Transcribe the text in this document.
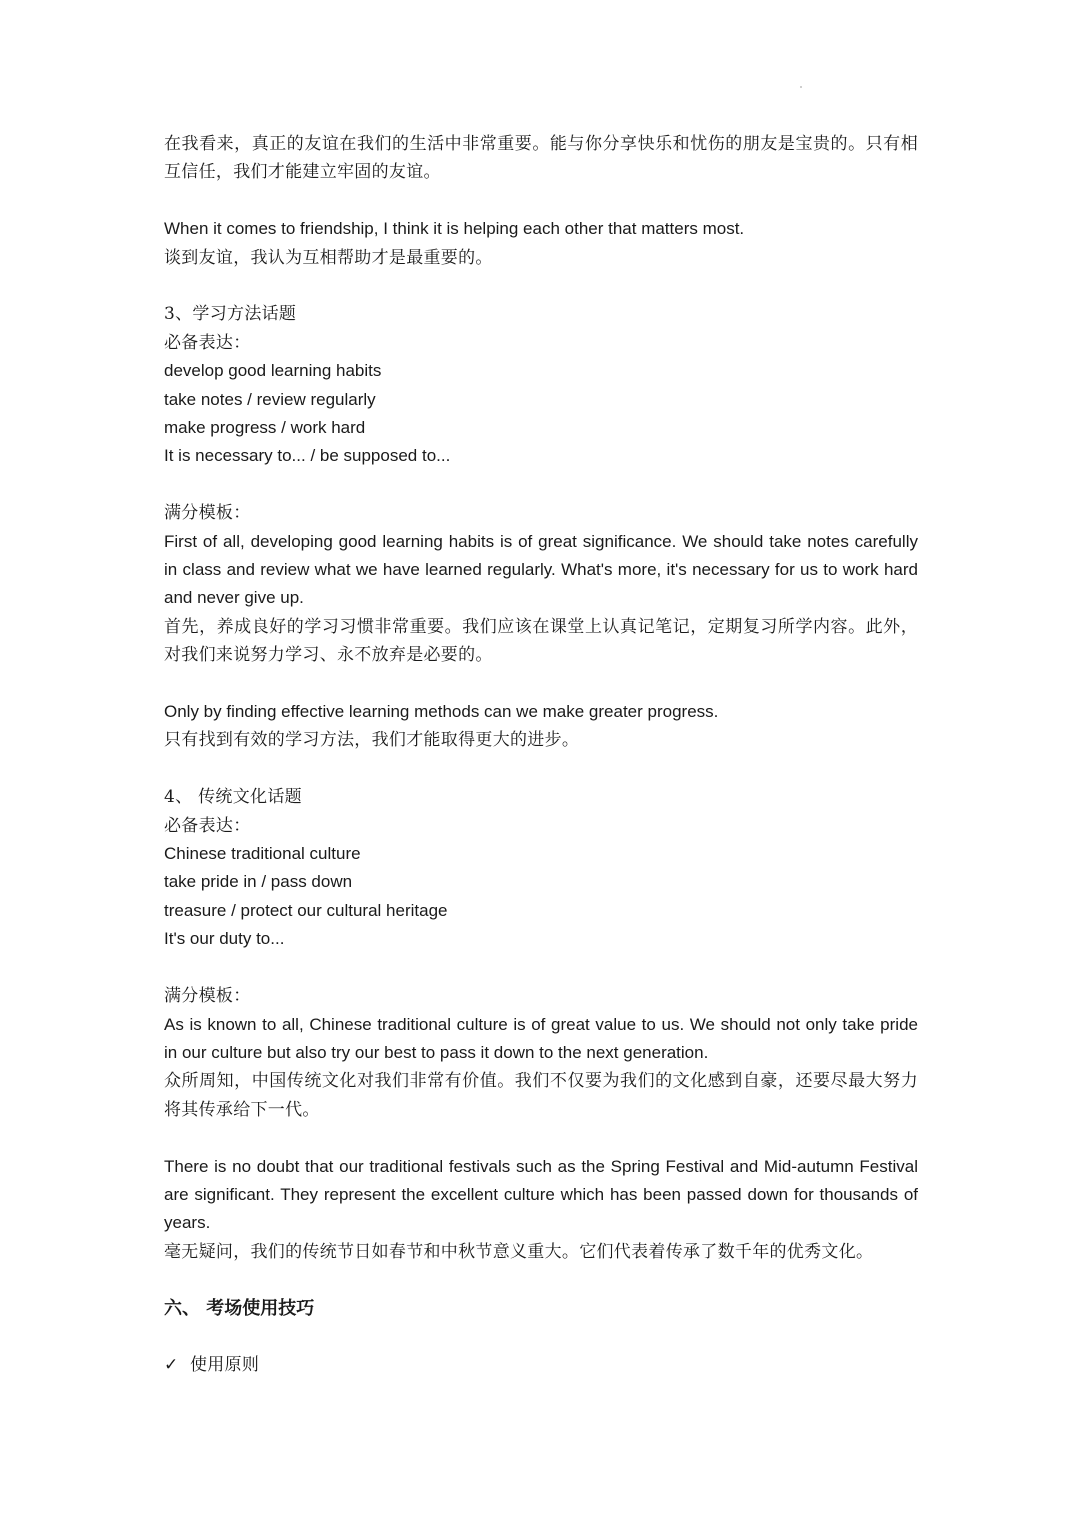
在我看来，真正的友谊在我们的生活中非常重要。能与你分享快乐和忧伤的朋友是宝贵的。只有相互信任，我们才能建立牢固的友谊。

When it comes to friendship, I think it is helping each other that matters most.

谈到友谊，我认为互相帮助才是最重要的。

3、学习方法话题

必备表达：

develop good learning habits

take notes / review regularly

make progress / work hard

It is necessary to... / be supposed to...

满分模板：

First of all, developing good learning habits is of great significance. We should take notes carefully in class and review what we have learned regularly. What's more, it's necessary for us to work hard and never give up.

首先，养成良好的学习习惯非常重要。我们应该在课堂上认真记笔记，定期复习所学内容。此外，对我们来说努力学习、永不放弃是必要的。

Only by finding effective learning methods can we make greater progress.

只有找到有效的学习方法，我们才能取得更大的进步。

4、 传统文化话题

必备表达：

Chinese traditional culture

take pride in / pass down

treasure / protect our cultural heritage

It's our duty to...

满分模板：

As is known to all, Chinese traditional culture is of great value to us. We should not only take pride in our culture but also try our best to pass it down to the next generation.

众所周知，中国传统文化对我们非常有价值。我们不仅要为我们的文化感到自豪，还要尽最大努力将其传承给下一代。

There is no doubt that our traditional festivals such as the Spring Festival and Mid-autumn Festival are significant. They represent the excellent culture which has been passed down for thousands of years.

毫无疑问，我们的传统节日如春节和中秋节意义重大。它们代表着传承了数千年的优秀文化。

六、 考场使用技巧

✓ 使用原则
